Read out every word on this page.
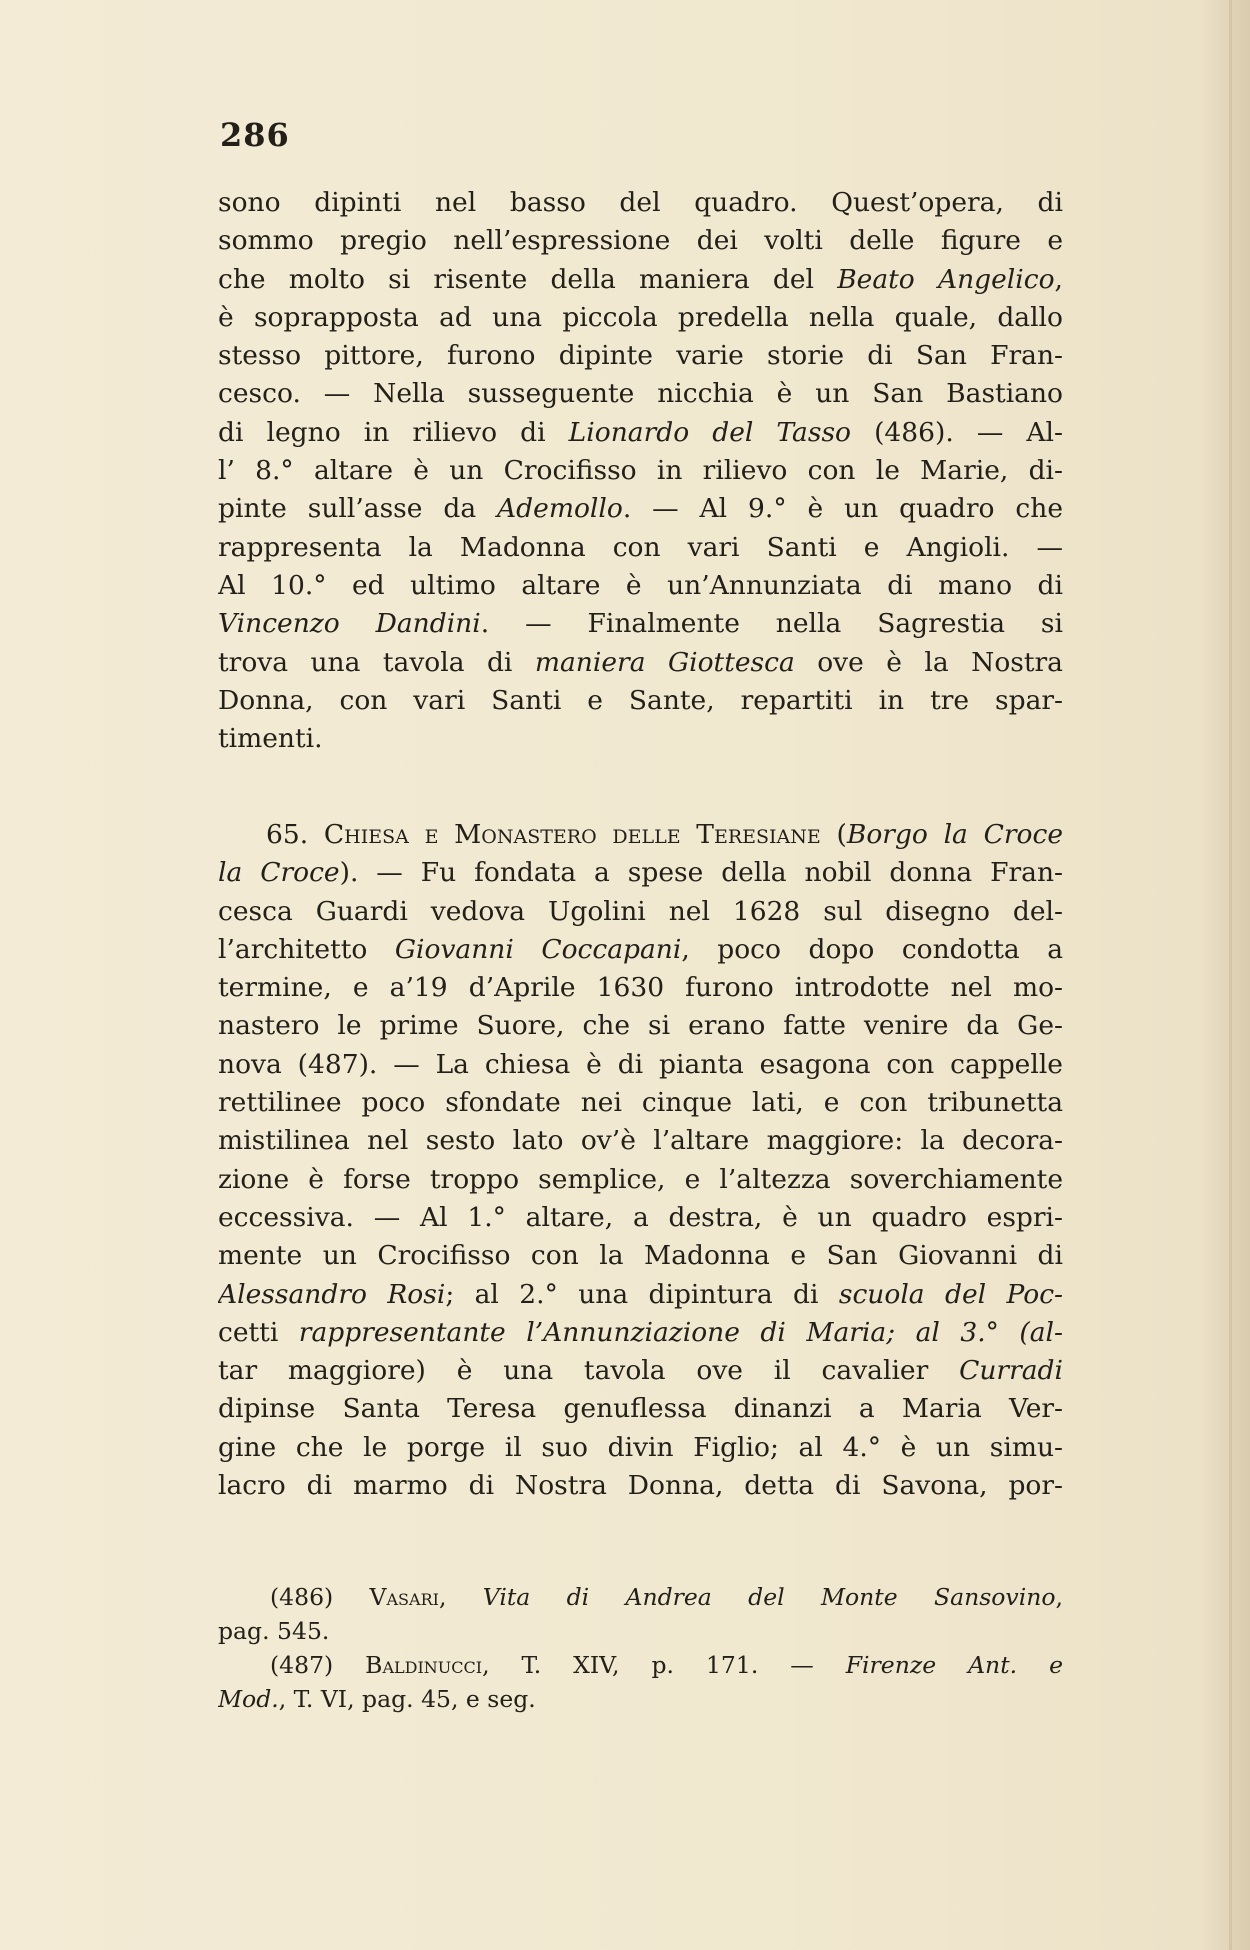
286
sono dipinti nel basso del quadro. Quest’opera, di
sommo pregio nell’espressione dei volti delle figure e
che molto si risente della maniera del Beato Angelico,
è soprapposta ad una piccola predella nella quale, dallo
stesso pittore, furono dipinte varie storie di San Fran-
cesco. — Nella susseguente nicchia è un San Bastiano
di legno in rilievo di Lionardo del Tasso (486). — Al-
l’ 8.° altare è un Crocifisso in rilievo con le Marie, di-
pinte sull’asse da Ademollo. — Al 9.° è un quadro che
rappresenta la Madonna con vari Santi e Angioli. —
Al 10.° ed ultimo altare è un’Annunziata di mano di
Vincenzo Dandini. — Finalmente nella Sagrestia si
trova una tavola di maniera Giottesca ove è la Nostra
Donna, con vari Santi e Sante, repartiti in tre spar-
timenti.
65. Chiesa e Monastero delle Teresiane (Borgo la Croce
la Croce). — Fu fondata a spese della nobil donna Fran-
cesca Guardi vedova Ugolini nel 1628 sul disegno del-
l’architetto Giovanni Coccapani, poco dopo condotta a
termine, e a’19 d’Aprile 1630 furono introdotte nel mo-
nastero le prime Suore, che si erano fatte venire da Ge-
nova (487). — La chiesa è di pianta esagona con cappelle
rettilinee poco sfondate nei cinque lati, e con tribunetta
mistilinea nel sesto lato ov’è l’altare maggiore: la decora-
zione è forse troppo semplice, e l’altezza soverchiamente
eccessiva. — Al 1.° altare, a destra, è un quadro espri-
mente un Crocifisso con la Madonna e San Giovanni di
Alessandro Rosi; al 2.° una dipintura di scuola del Poc-
cetti rappresentante l’Annunziazione di Maria; al 3.° (al-
tar maggiore) è una tavola ove il cavalier Curradi
dipinse Santa Teresa genuflessa dinanzi a Maria Ver-
gine che le porge il suo divin Figlio; al 4.° è un simu-
lacro di marmo di Nostra Donna, detta di Savona, por-
(486) Vasari, Vita di Andrea del Monte Sansovino,
pag. 545.
(487) Baldinucci, T. XIV, p. 171. — Firenze Ant. e
Mod., T. VI, pag. 45, e seg.
